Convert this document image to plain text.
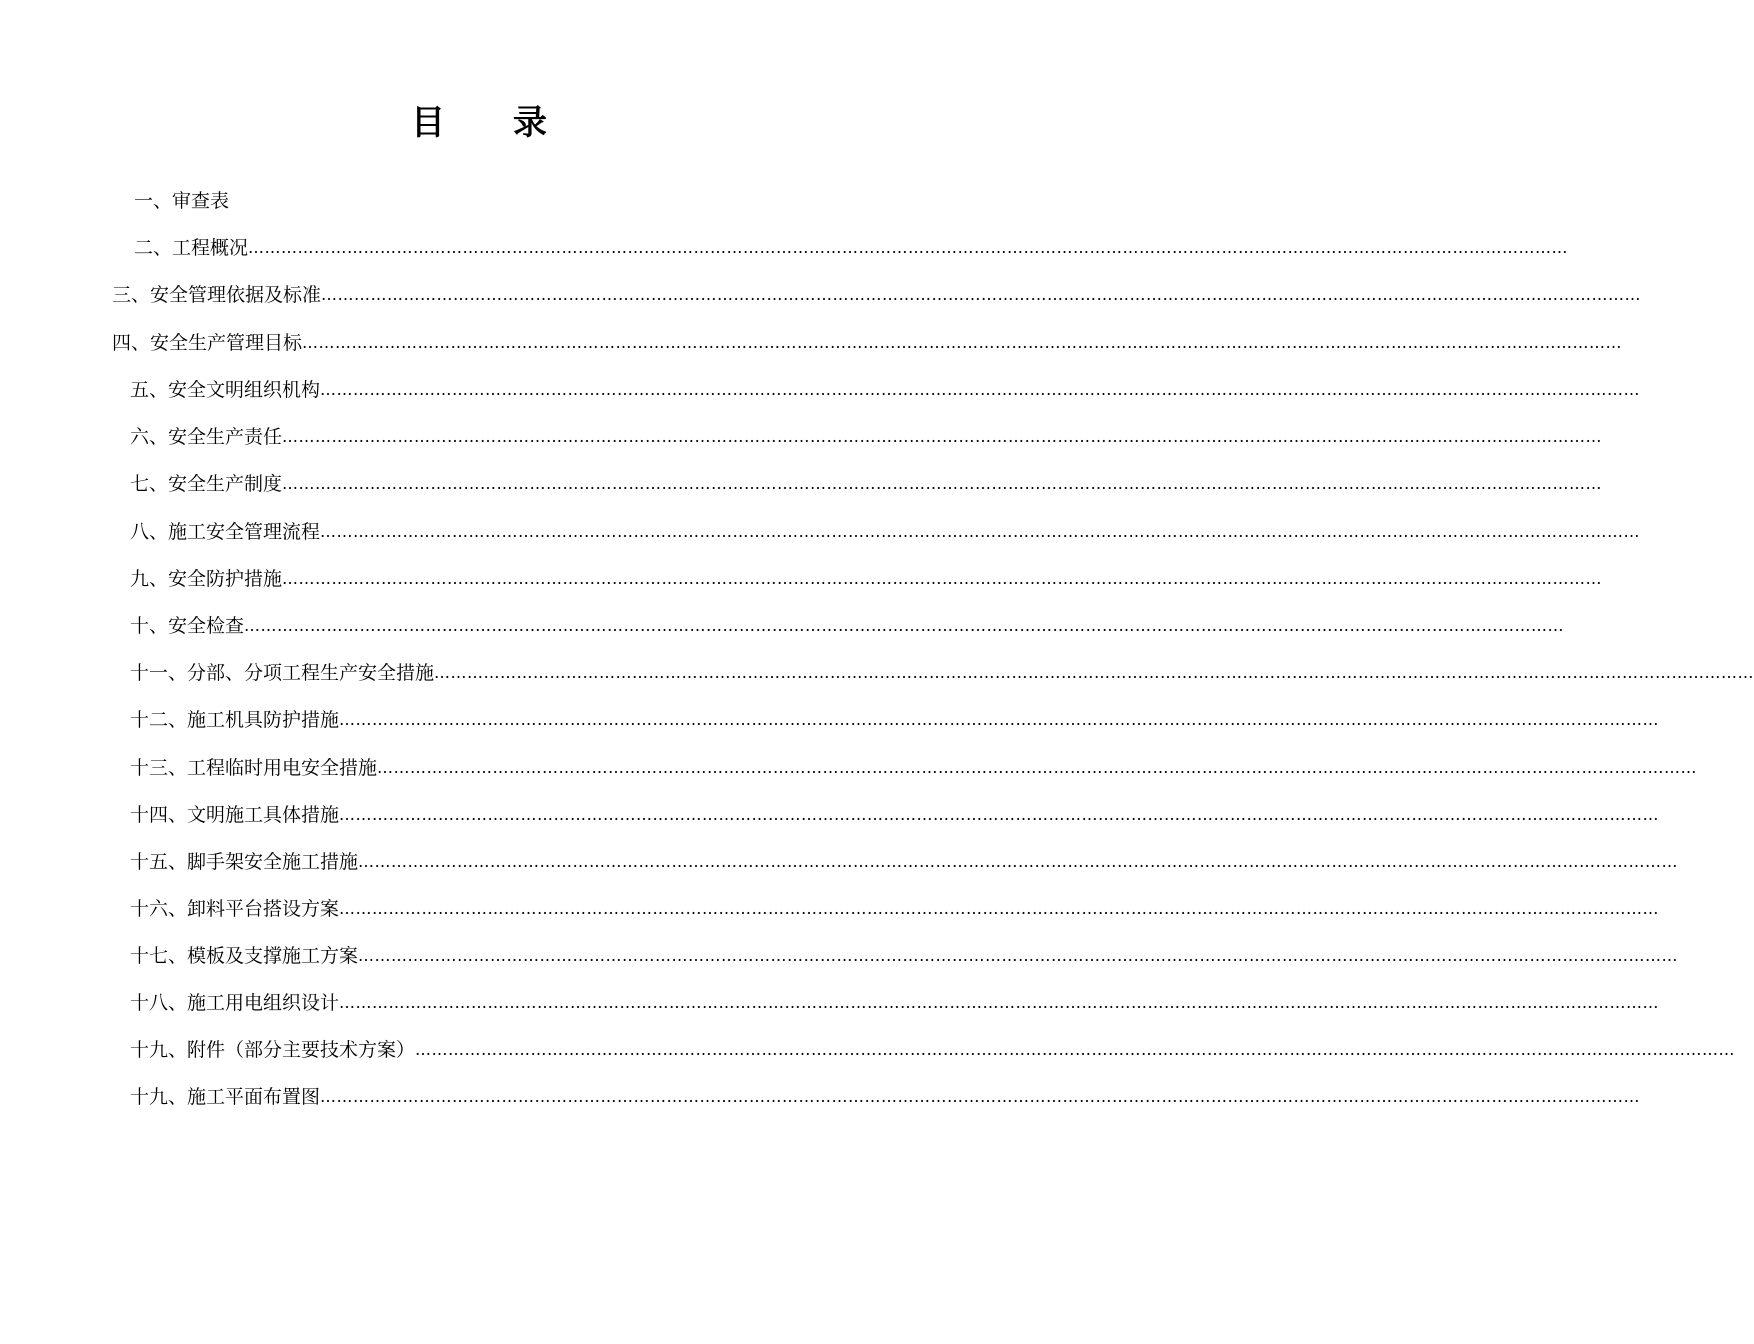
目　　录
一、审查表
二、工程概况 ……………………………………………………………………………………………………………………………………………………………………………………………………………………
三、安全管理依据及标准 ……………………………………………………………………………………………………………………………………………………………………………………………………………………
四、安全生产管理目标 ……………………………………………………………………………………………………………………………………………………………………………………………………………………
五、安全文明组织机构 ……………………………………………………………………………………………………………………………………………………………………………………………………………………
六、安全生产责任 ……………………………………………………………………………………………………………………………………………………………………………………………………………………
七、安全生产制度 ……………………………………………………………………………………………………………………………………………………………………………………………………………………
八、施工安全管理流程 ……………………………………………………………………………………………………………………………………………………………………………………………………………………
九、安全防护措施 ……………………………………………………………………………………………………………………………………………………………………………………………………………………
十、安全检查 ……………………………………………………………………………………………………………………………………………………………………………………………………………………
十一、分部、分项工程生产安全措施 ……………………………………………………………………………………………………………………………………………………………………………………………………………………
十二、施工机具防护措施 ……………………………………………………………………………………………………………………………………………………………………………………………………………………
十三、工程临时用电安全措施 ……………………………………………………………………………………………………………………………………………………………………………………………………………………
十四、文明施工具体措施 ……………………………………………………………………………………………………………………………………………………………………………………………………………………
十五、脚手架安全施工措施 ……………………………………………………………………………………………………………………………………………………………………………………………………………………
十六、卸料平台搭设方案 ……………………………………………………………………………………………………………………………………………………………………………………………………………………
十七、模板及支撑施工方案 ……………………………………………………………………………………………………………………………………………………………………………………………………………………
十八、施工用电组织设计 ……………………………………………………………………………………………………………………………………………………………………………………………………………………
十九、附件（部分主要技术方案） ……………………………………………………………………………………………………………………………………………………………………………………………………………………
十九、施工平面布置图 ……………………………………………………………………………………………………………………………………………………………………………………………………………………
